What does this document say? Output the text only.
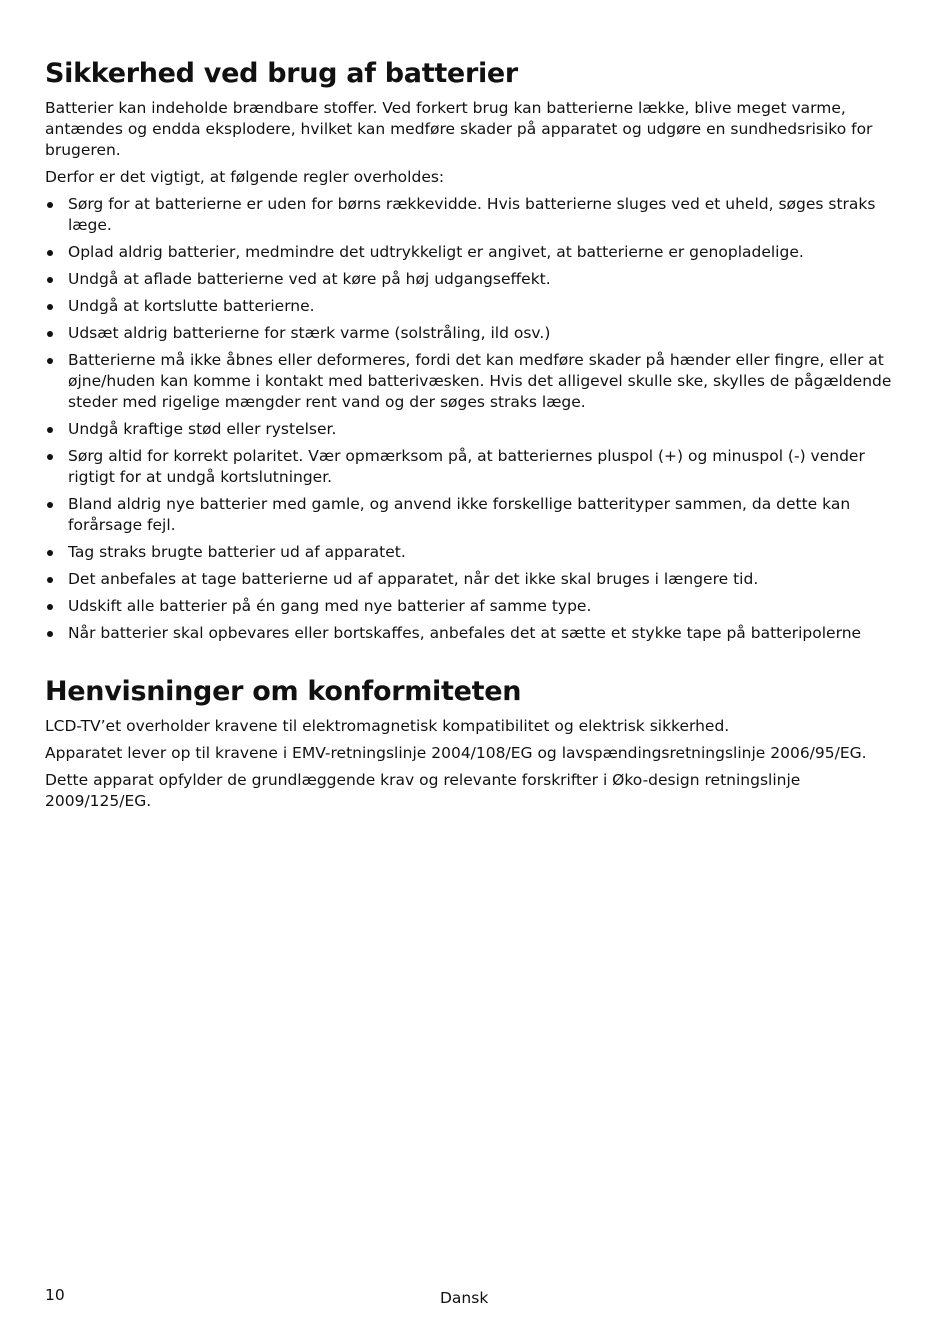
Sikkerhed ved brug af batterier

Batterier kan indeholde brændbare stoffer. Ved forkert brug kan batterierne lække, blive meget varme, antændes og endda eksplodere, hvilket kan medføre skader på apparatet og udgøre en sundhedsrisiko for brugeren.

Derfor er det vigtigt, at følgende regler overholdes:

Sørg for at batterierne er uden for børns rækkevidde. Hvis batterierne sluges ved et uheld, søges straks læge.
Oplad aldrig batterier, medmindre det udtrykkeligt er angivet, at batterierne er genopladelige.
Undgå at aflade batterierne ved at køre på høj udgangseffekt.
Undgå at kortslutte batterierne.
Udsæt aldrig batterierne for stærk varme (solstråling, ild osv.)
Batterierne må ikke åbnes eller deformeres, fordi det kan medføre skader på hænder eller fingre, eller at øjne/huden kan komme i kontakt med batterivæsken. Hvis det alligevel skulle ske, skylles de pågældende steder med rigelige mængder rent vand og der søges straks læge.
Undgå kraftige stød eller rystelser.
Sørg altid for korrekt polaritet. Vær opmærksom på, at batteriernes pluspol (+) og minuspol (-) vender rigtigt for at undgå kortslutninger.
Bland aldrig nye batterier med gamle, og anvend ikke forskellige batterityper sammen, da dette kan forårsage fejl.
Tag straks brugte batterier ud af apparatet.
Det anbefales at tage batterierne ud af apparatet, når det ikke skal bruges i længere tid.
Udskift alle batterier på én gang med nye batterier af samme type.
Når batterier skal opbevares eller bortskaffes, anbefales det at sætte et stykke tape på batteripolerne
Henvisninger om konformiteten

LCD-TV’et overholder kravene til elektromagnetisk kompatibilitet og elektrisk sikkerhed.

Apparatet lever op til kravene i EMV-retningslinje 2004/108/EG og lavspændingsretningslinje 2006/95/EG.

Dette apparat opfylder de grundlæggende krav og relevante forskrifter i Øko-design retningslinje 2009/125/EG.

10	Dansk
